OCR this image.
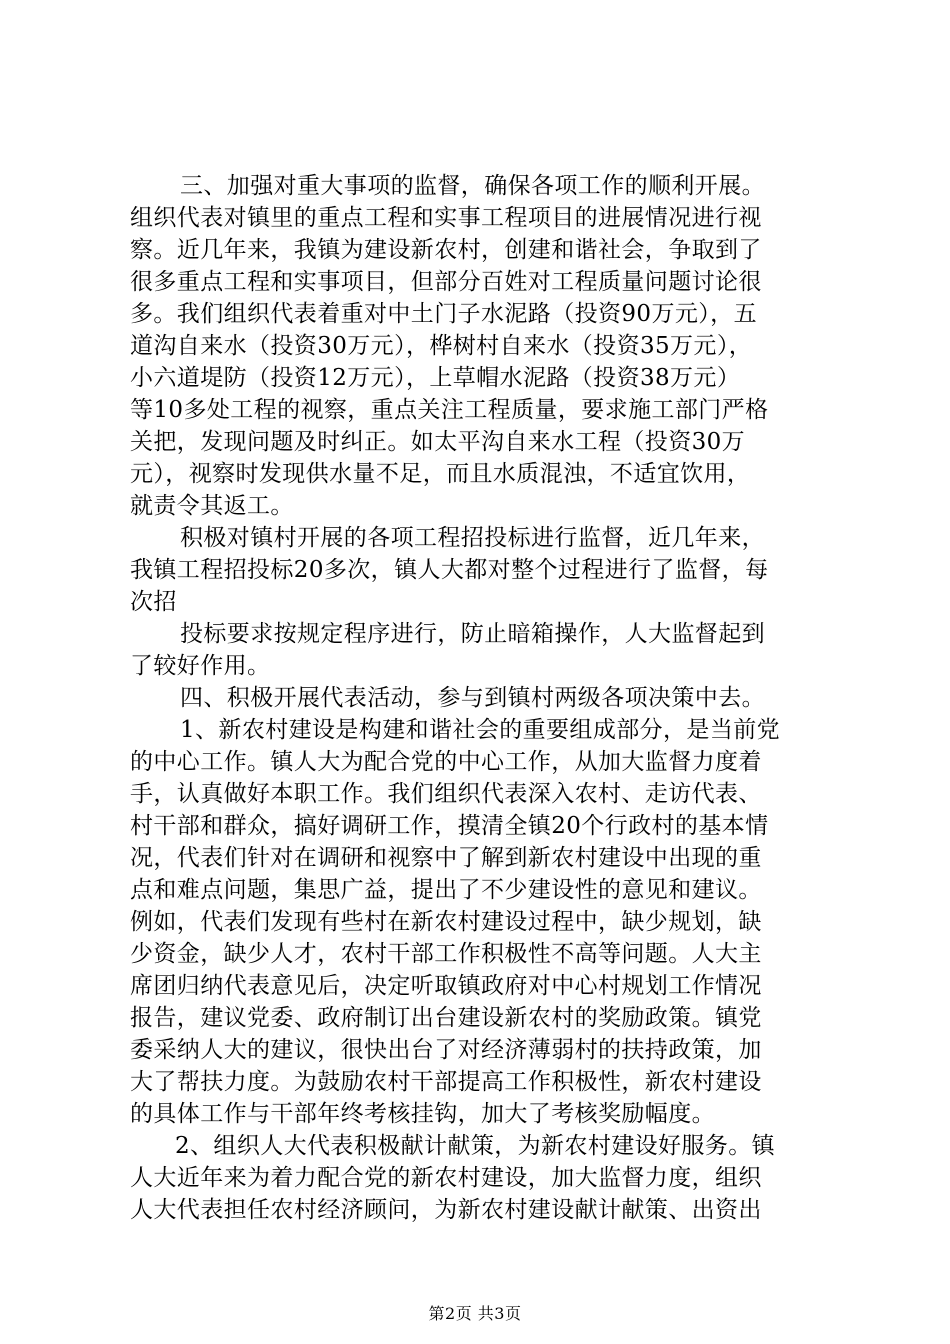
三、加强对重大事项的监督，确保各项工作的顺利开展。
组织代表对镇里的重点工程和实事工程项目的进展情况进行视
察。近几年来，我镇为建设新农村，创建和谐社会，争取到了
很多重点工程和实事项目，但部分百姓对工程质量问题讨论很
多。我们组织代表着重对中土门子水泥路（投资90万元），五
道沟自来水（投资30万元），桦树村自来水（投资35万元），
小六道堤防（投资12万元），上草帽水泥路（投资38万元）
等10多处工程的视察，重点关注工程质量，要求施工部门严格
关把，发现问题及时纠正。如太平沟自来水工程（投资30万
元），视察时发现供水量不足，而且水质混浊，不适宜饮用，
就责令其返工。
积极对镇村开展的各项工程招投标进行监督，近几年来，
我镇工程招投标20多次，镇人大都对整个过程进行了监督，每
次招
投标要求按规定程序进行，防止暗箱操作，人大监督起到
了较好作用。
四、积极开展代表活动，参与到镇村两级各项决策中去。
1、新农村建设是构建和谐社会的重要组成部分，是当前党
的中心工作。镇人大为配合党的中心工作，从加大监督力度着
手，认真做好本职工作。我们组织代表深入农村、走访代表、
村干部和群众，搞好调研工作，摸清全镇20个行政村的基本情
况，代表们针对在调研和视察中了解到新农村建设中出现的重
点和难点问题，集思广益，提出了不少建设性的意见和建议。
例如，代表们发现有些村在新农村建设过程中，缺少规划，缺
少资金，缺少人才，农村干部工作积极性不高等问题。人大主
席团归纳代表意见后，决定听取镇政府对中心村规划工作情况
报告，建议党委、政府制订出台建设新农村的奖励政策。镇党
委采纳人大的建议，很快出台了对经济薄弱村的扶持政策，加
大了帮扶力度。为鼓励农村干部提高工作积极性，新农村建设
的具体工作与干部年终考核挂钩，加大了考核奖励幅度。
2、组织人大代表积极献计献策，为新农村建设好服务。镇
人大近年来为着力配合党的新农村建设，加大监督力度，组织
人大代表担任农村经济顾问，为新农村建设献计献策、出资出
第2页 共3页
